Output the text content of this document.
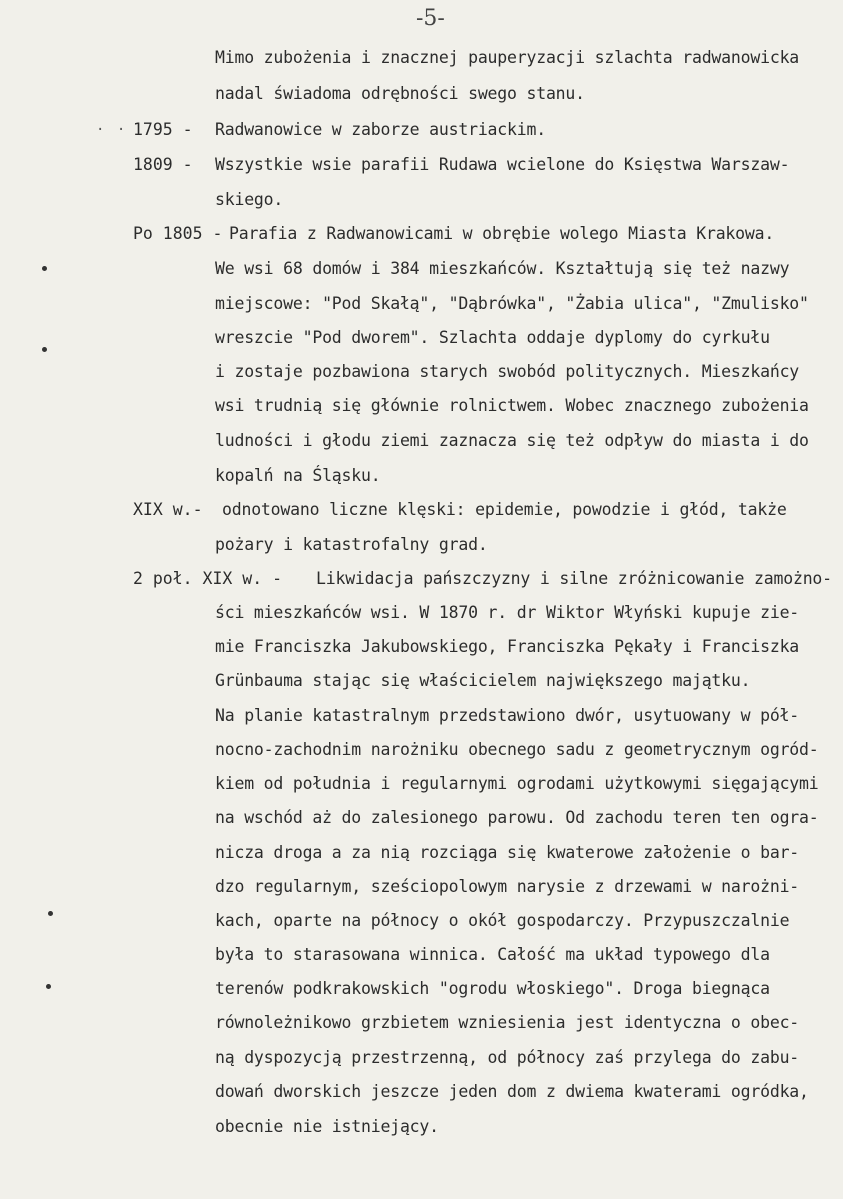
-5-
· ·
Mimo zubożenia i znacznej pauperyzacji szlachta radwanowicka
nadal świadoma odrębności swego stanu.
1795 - Radwanowice w zaborze austriackim.
1809 - Wszystkie wsie parafii Rudawa wcielone do Księstwa Warszaw-
skiego.
Po 1805 - Parafia z Radwanowicami w obrębie wolego Miasta Krakowa.
We wsi 68 domów i 384 mieszkańców. Kształtują się też nazwy
miejscowe: "Pod Skałą", "Dąbrówka", "Żabia ulica", "Zmulisko"
wreszcie "Pod dworem". Szlachta oddaje dyplomy do cyrkułu
i zostaje pozbawiona starych swobód politycznych. Mieszkańcy
wsi trudnią się głównie rolnictwem. Wobec znacznego zubożenia
ludności i głodu ziemi zaznacza się też odpływ do miasta i do
kopalń na Śląsku.
XIX w.- odnotowano liczne klęski: epidemie, powodzie i głód, także
pożary i katastrofalny grad.
2 poł. XIX w. - Likwidacja pańszczyzny i silne zróżnicowanie zamożno-
ści mieszkańców wsi. W 1870 r. dr Wiktor Włyński kupuje zie-
mie Franciszka Jakubowskiego, Franciszka Pękały i Franciszka
Grünbauma stając się właścicielem największego majątku.
Na planie katastralnym przedstawiono dwór, usytuowany w pół-
nocno-zachodnim narożniku obecnego sadu z geometrycznym ogród-
kiem od południa i regularnymi ogrodami użytkowymi sięgającymi
na wschód aż do zalesionego parowu. Od zachodu teren ten ogra-
nicza droga a za nią rozciąga się kwaterowe założenie o bar-
dzo regularnym, sześciopolowym narysie z drzewami w narożni-
kach, oparte na północy o okół gospodarczy. Przypuszczalnie
była to starasowana winnica. Całość ma układ typowego dla
terenów podkrakowskich "ogrodu włoskiego". Droga biegnąca
równoleżnikowo grzbietem wzniesienia jest identyczna o obec-
ną dyspozycją przestrzenną, od północy zaś przylega do zabu-
dowań dworskich jeszcze jeden dom z dwiema kwaterami ogródka,
obecnie nie istniejący.
